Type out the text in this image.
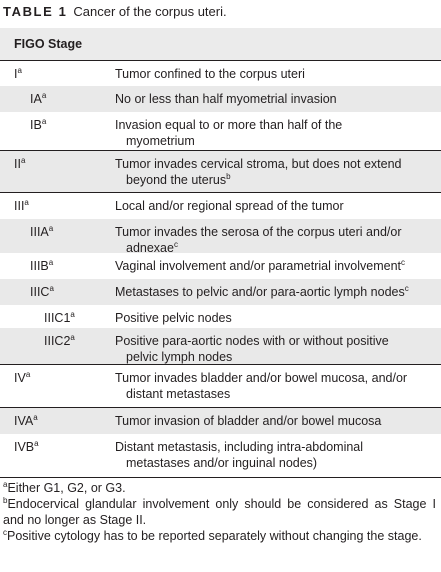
TABLE 1 Cancer of the corpus uteri.
FIGO Stage
$I^a$	Tumor confined to the corpus uteri
$IA^a$	No or less than half myometrial invasion
$IB^a$	Invasion equal to or more than half of the
myometrium
$II^a$	Tumor invades cervical stroma, but does not extend
beyond the uterus$^b$
III$^a$	Local and/or regional spread of the tumor
IIIA$^a$	Tumor invades the serosa of the corpus uteri and/or
adnexae$^c$
IIIB$^a$	Vaginal involvement and/or parametrial involvement$^c$
IIIC$^a$	Metastases to pelvic and/or para-aortic lymph nodes$^c$
IIIC1$^a$	Positive pelvic nodes
IIIC2$^a$	Positive para-aortic nodes with or without positive
pelvic lymph nodes
$IV^a$	Tumor invades bladder and/or bowel mucosa, and/or
distant metastases
IVA$^a$	Tumor invasion of bladder and/or bowel mucosa
IVB$^a$	Distant metastasis, including intra-abdominal
metastases and/or inguinal nodes)
$^a$Either G1, G2, or G3.
$^b$Endocervical glandular involvement only should be considered as Stage I and no longer as Stage II.
$^c$Positive cytology has to be reported separately without changing the stage.
